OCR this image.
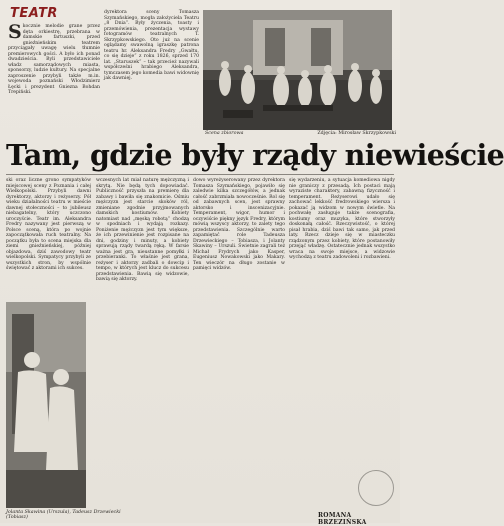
TEATR
Skocznie melodie grane przez dęta orkiestrę, przebrana w damskie fartuszki, przed gnieźnieńskim teatrem przyciągały uwagę wielu tłumnie premierowych gości. A było ich ponad dwadzieścia. Byli przedstawiciele władz samorządowych miasta, sponsorzy, ludzie kultury. Na specjalne zaproszenie przybyli także m.in. wojewoda poznański Włodzimierz Łęcki i prezydent Gniezna Bohdan Trepiński.
dyrektora sceny Tomasza Szymańskiego, mogła założyciela Teatru „8 Dnia”. Były życzenia, toasty i przemówienia, prezentacja wystawy fotogramów teatralnych T. Skrzypkowskiego. Oto już na scenie oglądamy swawolną igraszkę patrona teatru hr. Aleksandra Fredry „Gwałtu, co się dzieje” z roku 1826, sprzed 170 lat. „Staruszek” – tak przecież nazywali współcześni hrabiego Aleksandra, tymczasem jego komedia bawi widownię jak dawniej.
Scena zbiorowa	Zdjęcia: Mirosław Skrzypkowski
Tam, gdzie były rządy niewieście
ski oraz liczne grono sympatyków miejscowej sceny z Poznania i całej Wielkopolski. Przybyli dawni dyrektorzy, aktorzy i reżyserzy. Pół wieku działalności teatru w mieście dawnej stołeczności – to jubileusz niebagatelny, który uczczono uroczyście. Teatr im. Aleksandra Fredry nazywany jest pierwszą w Polsce sceną, która po wojnie zapoczątkowała ruch teatralny. Na początku była to scena miejska dla ziemi gnieźnieńskiej, później objazdowa, dziś zawodowy teatr wielkopolski. Sympatycy przybyli ze wszystkich stron, by wspólnie świętować z aktorami ich sukces.
Jolanta Skawina (Urszula), Tadeusz Drzewiecki (Tobiasz)
wczesnych lat miał naturę mężczyzną i skrytą. Nie będą tych dopowiadać. Publiczność przyszła na premierę dla zabawy i bawiła się znakomicie. Ośmiu mężczyzn jest starcie skoków ról, zmieniane zgodnie przyjmowanych damskich kostiumów. Kobiety natomiast nad „męską robotą” chodzą w spodniach i wydają rozkazy. Poniżenie mężczyzn jest tym większe, że ich przewinienie jest rozpisane na dni, godziny i minuty, a kobiety sprawują rządy twardą ręką. W farsie ważna jest gra, nieustanne pomyłki i przebieranki. To właśnie jest grana, reżyser i aktorzy zadbali o dowcip i tempo, w których jest klucz do sukcesu przedstawienia. Bawią się widzowie, bawią się aktorzy.
dowo wyreżyserowany przez dyrektora Tomasza Szymańskiego, pojawiło się zaledwie kilka szczegółów, a jednak całość zabrzmiała nowocześnie. Rol się od zabawnych scen, jest sprawny aktorsko i inscenizacyjnie. Temperament, wigor, humor i oczywiście piękny język Fredry, którym mówią wszyscy aktorzy, to zalety tego przedstawienia. Szczególnie warto zapamiętać role Tadeusza Drzewieckiego – Tobiasza, i Jolanty Skawiny – Urszuli. Świetnie zagrali też Michał Frydrych jako Kasper, Eugeniusz Nowakowski jako Makary. Ten wieczór na długo zostanie w pamięci widzów.
się wydarzeniu, a sytuacja komediowa nigdy nie graniczy z przesadą. Ich postaci mają wyraziste charaktery, zabawną fizyczność i temperament. Reżyserowi udało się zachować lekkość fredrowskiego wiersza i pokazać ją widzom w nowym świetle. Na pochwałę zasługuje także scenografia, kostiumy oraz muzyka, które stworzyły doskonałą całość. Rzeczywistość, o której pisał hrabia, dziś bawi tak samo, jak przed laty. Rzecz dzieje się w miasteczku rządzonym przez kobiety, które postanowiły przejąć władzę. Ostatecznie jednak wszystko wraca na swoje miejsce, a widzowie wychodzą z teatru zadowoleni i rozbawieni.
ROMANA BRZEZIŃSKA
